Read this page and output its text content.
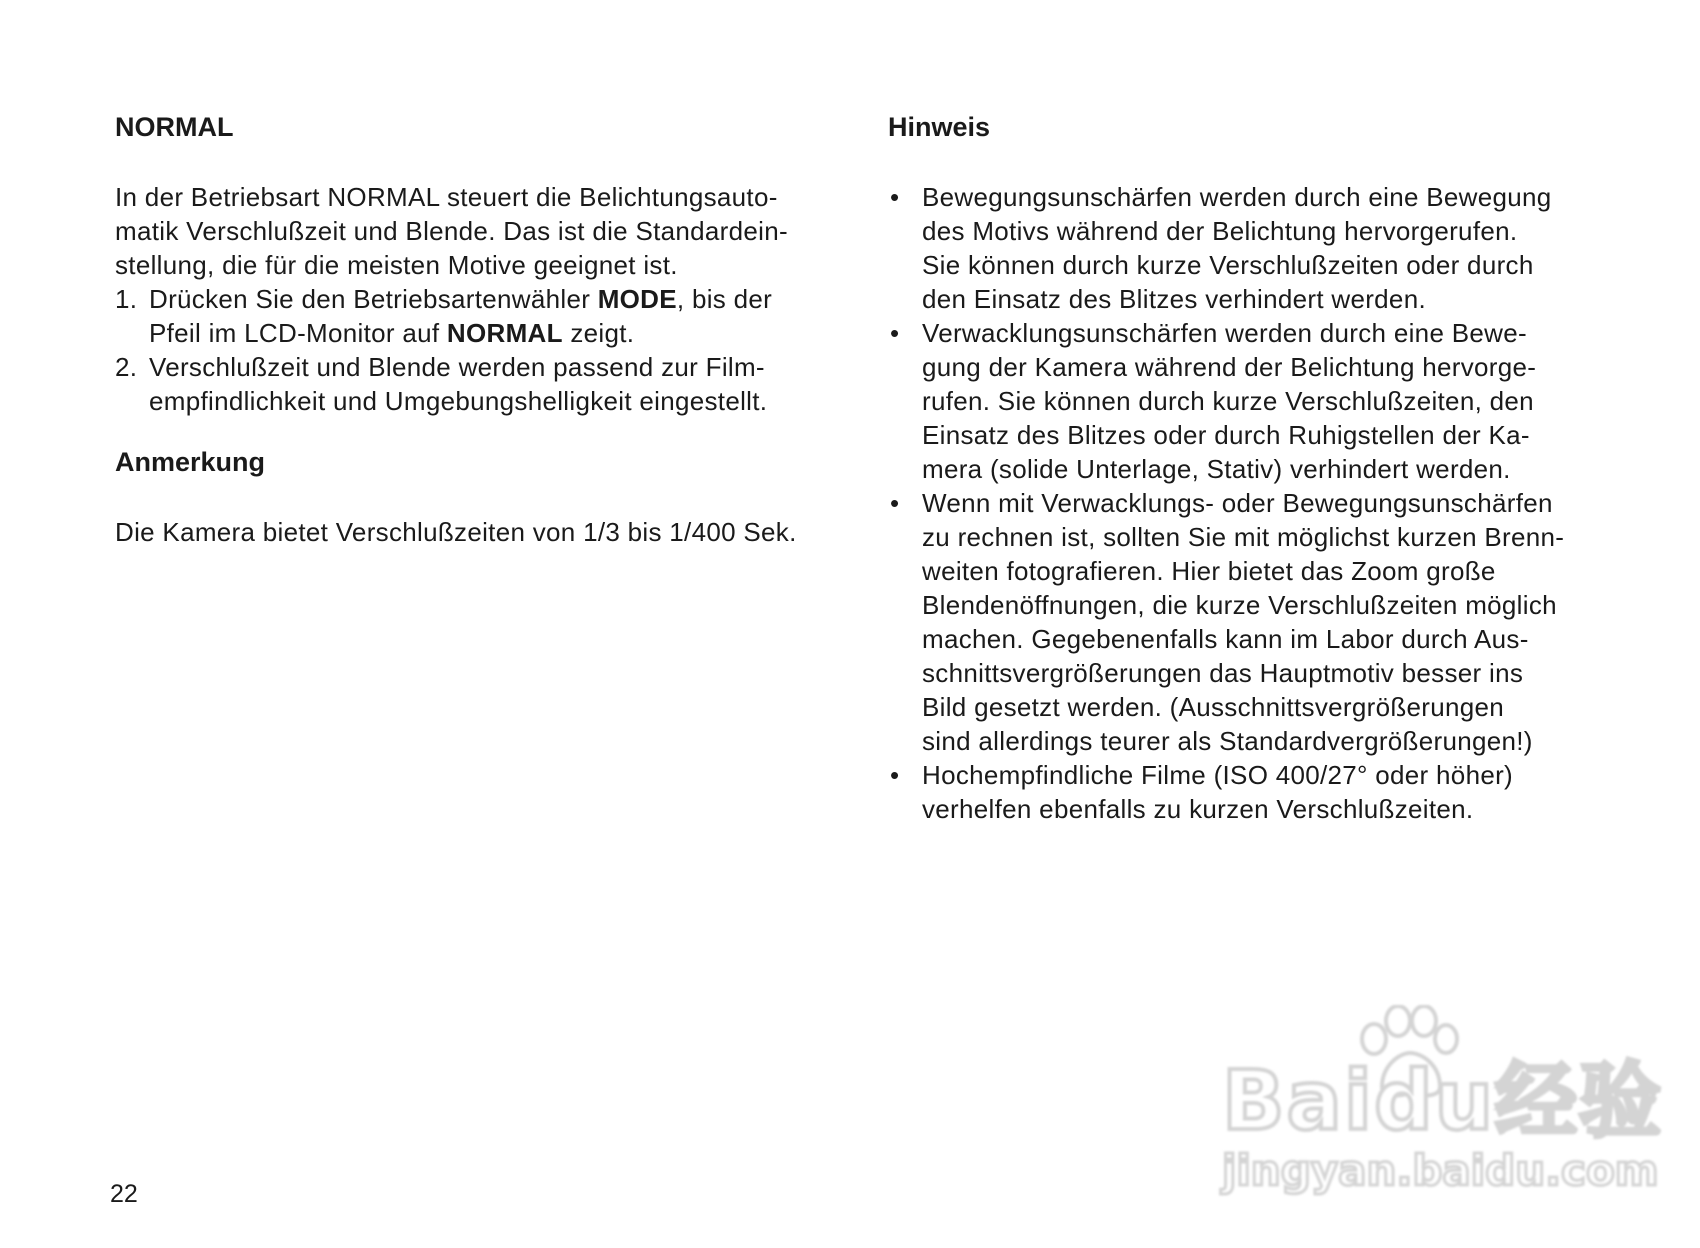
NORMAL

In der Betriebsart NORMAL steuert die Belichtungsauto-

matik Verschlußzeit und Blende. Das ist die Standardein-

stellung, die für die meisten Motive geeignet ist.

1. Drücken Sie den Betriebsartenwähler MODE, bis der

Pfeil im LCD-Monitor auf NORMAL zeigt.

2. Verschlußzeit und Blende werden passend zur Film-

empfindlichkeit und Umgebungshelligkeit eingestellt.

Anmerkung

Die Kamera bietet Verschlußzeiten von 1/3 bis 1/400 Sek.

Hinweis
• Bewegungsunschärfen werden durch eine Bewegung

des Motivs während der Belichtung hervorgerufen.

Sie können durch kurze Verschlußzeiten oder durch

den Einsatz des Blitzes verhindert werden.

• Verwacklungsunschärfen werden durch eine Bewe-

gung der Kamera während der Belichtung hervorge-

rufen. Sie können durch kurze Verschlußzeiten, den

Einsatz des Blitzes oder durch Ruhigstellen der Ka-

mera (solide Unterlage, Stativ) verhindert werden.

• Wenn mit Verwacklungs- oder Bewegungsunschärfen

zu rechnen ist, sollten Sie mit möglichst kurzen Brenn-

weiten fotografieren. Hier bietet das Zoom große

Blendenöffnungen, die kurze Verschlußzeiten möglich

machen. Gegebenenfalls kann im Labor durch Aus-

schnittsvergrößerungen das Hauptmotiv besser ins

Bild gesetzt werden. (Ausschnittsvergrößerungen

sind allerdings teurer als Standardvergrößerungen!)

• Hochempfindliche Filme (ISO 400/27° oder höher)

verhelfen ebenfalls zu kurzen Verschlußzeiten.

22
Baidu经验
jingyan.baidu.com
